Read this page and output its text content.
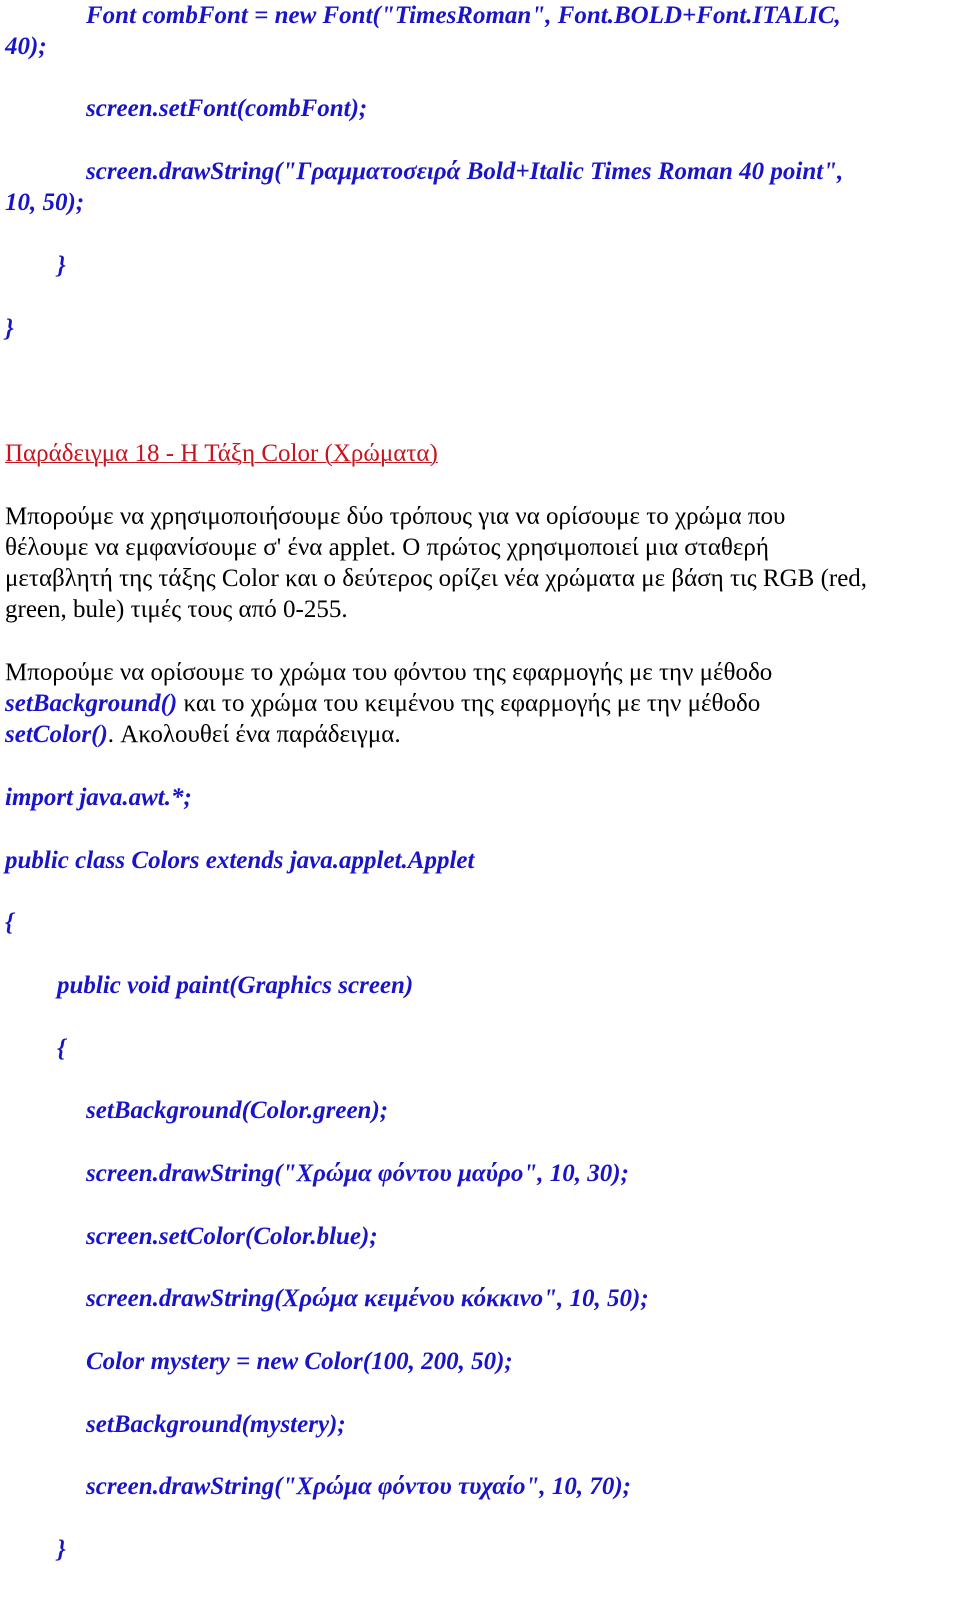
Font combFont = new Font("TimesRoman", Font.BOLD+Font.ITALIC,
40);
screen.setFont(combFont);
screen.drawString("Γραμματοσειρά Bold+Italic Times Roman 40 point",
10, 50);
}
}
Παράδειγμα 18 - Η Τάξη Color (Χρώματα)
Μπορούμε να χρησιμοποιήσουμε δύο τρόπους για να ορίσουμε το χρώμα που
θέλουμε να εμφανίσουμε σ' ένα applet. Ο πρώτος χρησιμοποιεί μια σταθερή
μεταβλητή της τάξης Color και ο δεύτερος ορίζει νέα χρώματα με βάση τις RGB (red,
green, bule) τιμές τους από 0-255.
Μπορούμε να ορίσουμε το χρώμα του φόντου της εφαρμογής με την μέθοδο
setBackground() και το χρώμα του κειμένου της εφαρμογής με την μέθοδο
setColor(). Ακολουθεί ένα παράδειγμα.
import java.awt.*;
public class Colors extends java.applet.Applet
{
public void paint(Graphics screen)
{
setBackground(Color.green);
screen.drawString("Χρώμα φόντου μαύρο", 10, 30);
screen.setColor(Color.blue);
screen.drawString(Χρώμα κειμένου κόκκινο", 10, 50);
Color mystery = new Color(100, 200, 50);
setBackground(mystery);
screen.drawString("Χρώμα φόντου τυχαίο", 10, 70);
}
